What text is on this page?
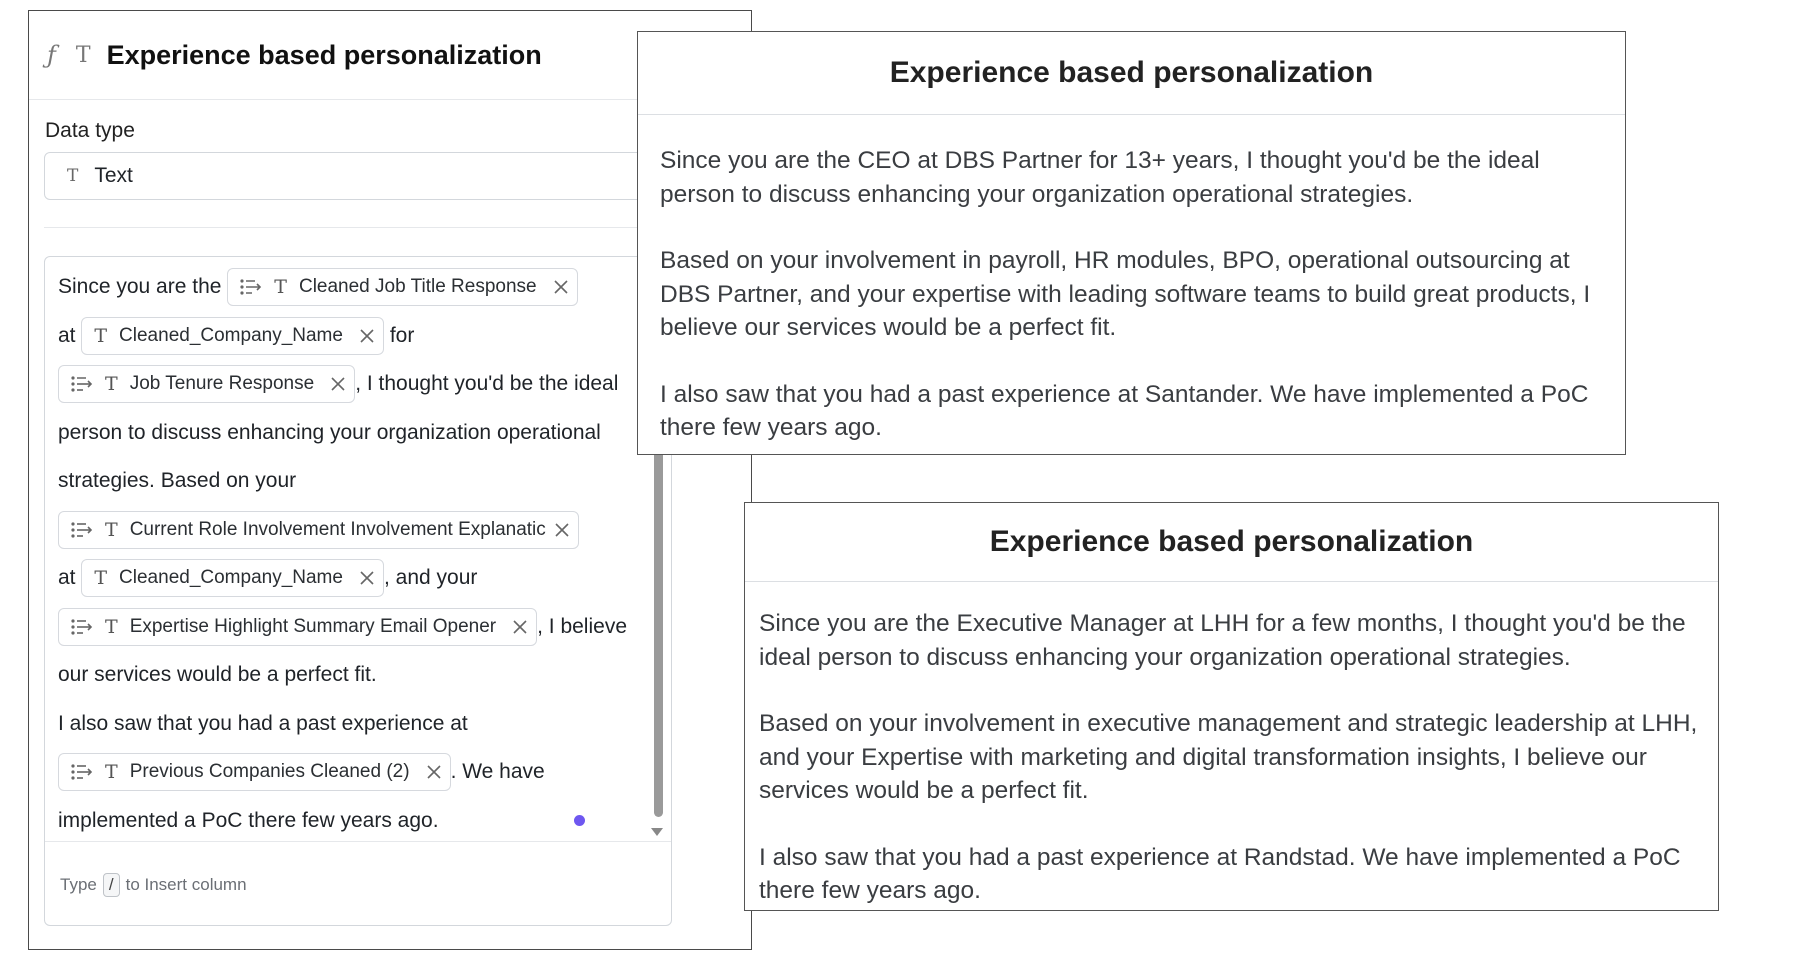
ƒ T Experience based personalization
Data type
T Text
Since you are the	T Cleaned Job Title Response

at T Cleaned_Company_Name for

T Job Tenure Response , I thought you'd be the ideal person to discuss enhancing your organization operational strategies. Based on your
T Current Role Involvement Involvement Explanatic

at T Cleaned_Company_Name , and your

T Expertise Highlight Summary Email Opener , I believe our services would be a perfect fit.
I also saw that you had a past experience at

T Previous Companies Cleaned (2) . We have implemented a PoC there few years ago.
Type / to Insert column
Experience based personalization

Since you are the CEO at DBS Partner for 13+ years, I thought you'd be the ideal person to discuss enhancing your organization operational strategies.

Based on your involvement in payroll, HR modules, BPO, operational outsourcing at DBS Partner, and your expertise with leading software teams to build great products, I believe our services would be a perfect fit.

I also saw that you had a past experience at Santander. We have implemented a PoC there few years ago.

Experience based personalization

Since you are the Executive Manager at LHH for a few months, I thought you'd be the ideal person to discuss enhancing your organization operational strategies.

Based on your involvement in executive management and strategic leadership at LHH, and your Expertise with marketing and digital transformation insights, I believe our services would be a perfect fit.

I also saw that you had a past experience at Randstad. We have implemented a PoC there few years ago.
